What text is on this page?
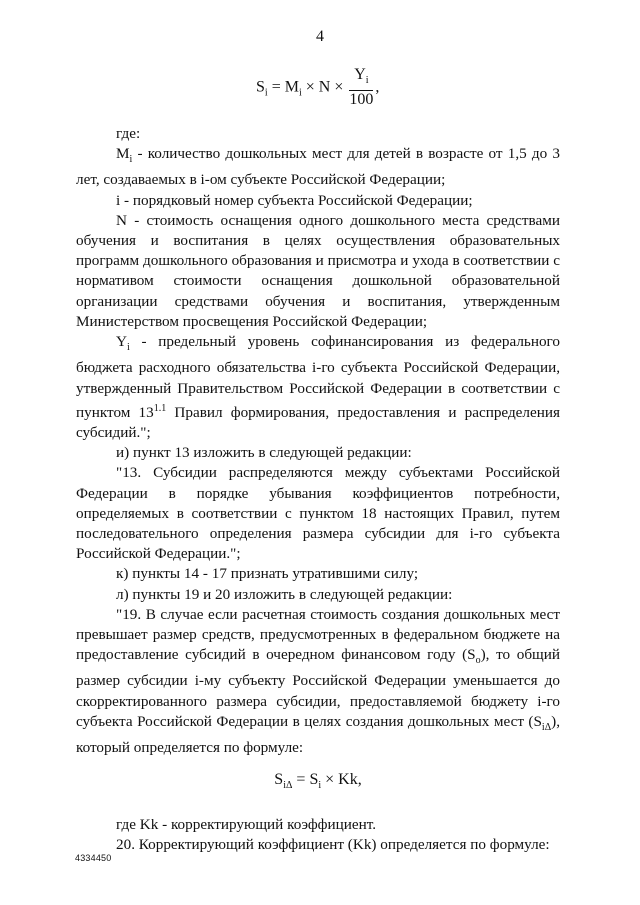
4
$S_i = M_i \times N \times \frac{Y_i}{100}$ ,

где:

$M_i$ - количество дошкольных мест для детей в возрасте от 1,5 до 3 лет, создаваемых в i-ом субъекте Российской Федерации;

i - порядковый номер субъекта Российской Федерации;

N - стоимость оснащения одного дошкольного места средствами обучения и воспитания в целях осуществления образовательных программ дошкольного образования и присмотра и ухода в соответствии с нормативом стоимости оснащения дошкольной образовательной организации средствами обучения и воспитания, утвержденным Министерством просвещения Российской Федерации;

$Y_i$ - предельный уровень софинансирования из федерального бюджета расходного обязательства i-го субъекта Российской Федерации, утвержденный Правительством Российской Федерации в соответствии с пунктом $13^{1.1}$ Правил формирования, предоставления и распределения субсидий.";

и) пункт 13 изложить в следующей редакции:

"13. Субсидии распределяются между субъектами Российской Федерации в порядке убывания коэффициентов потребности, определяемых в соответствии с пунктом 18 настоящих Правил, путем последовательного определения размера субсидии для i-го субъекта Российской Федерации.";

к) пункты 14 - 17 признать утратившими силу;

л) пункты 19 и 20 изложить в следующей редакции:

"19. В случае если расчетная стоимость создания дошкольных мест превышает размер средств, предусмотренных в федеральном бюджете на предоставление субсидий в очередном финансовом году $(S_o)$, то общий размер субсидии i-му субъекту Российской Федерации уменьшается до скорректированного размера субсидии, предоставляемой бюджету i-го субъекта Российской Федерации в целях создания дошкольных мест $(S_{i\Delta})$, который определяется по формуле:

$S_{i\Delta} = S_i \times Kk$,

где Kk - корректирующий коэффициент.

20. Корректирующий коэффициент (Kk) определяется по формуле:

4334450
